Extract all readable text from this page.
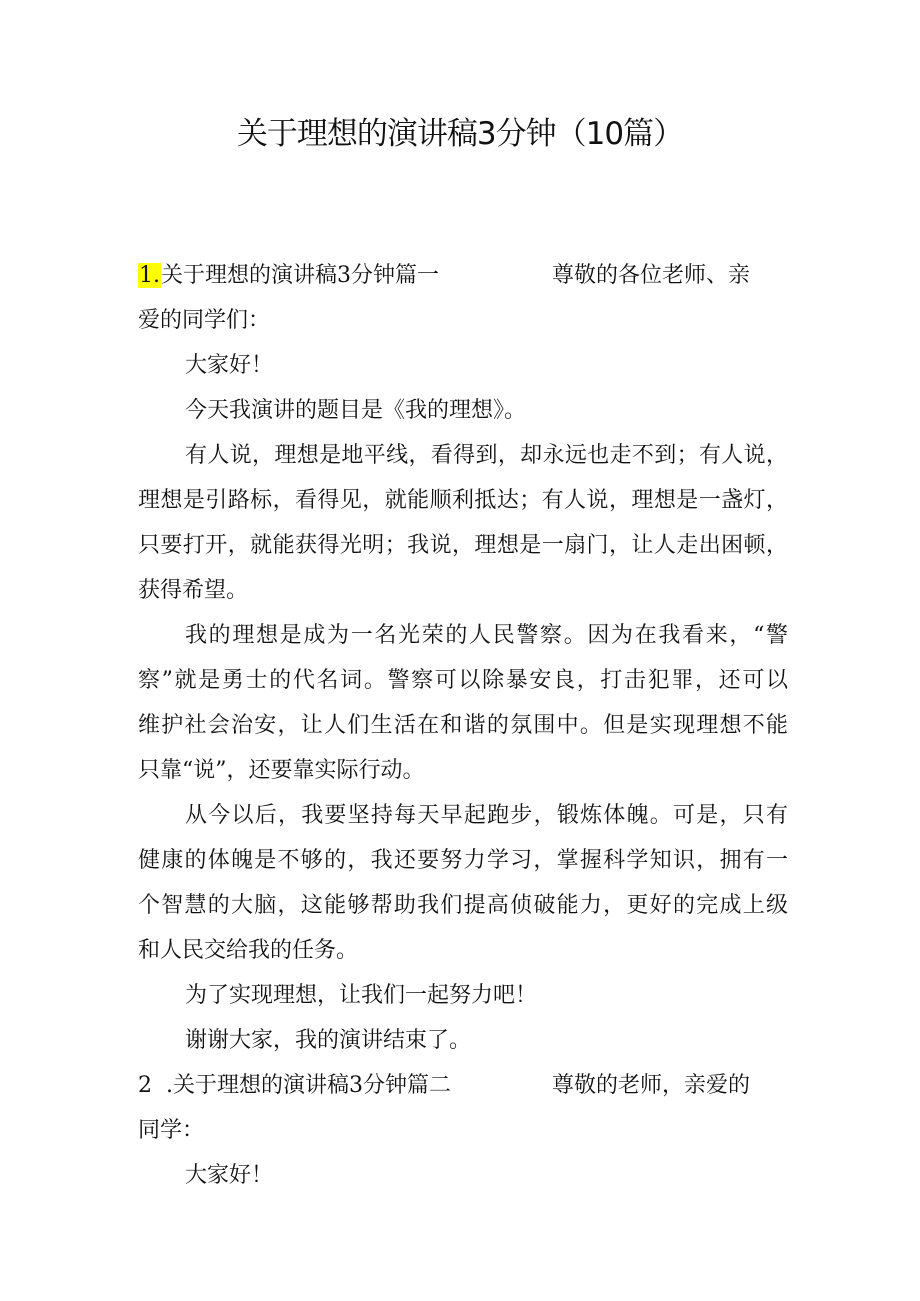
关于理想的演讲稿3分钟（10篇）
1.关于理想的演讲稿3分钟篇一	尊敬的各位老师、亲
爱的同学们：
大家好！
今天我演讲的题目是《我的理想》。
有人说，理想是地平线，看得到，却永远也走不到；有人说，
理想是引路标，看得见，就能顺利抵达；有人说，理想是一盏灯，
只要打开，就能获得光明；我说，理想是一扇门，让人走出困顿，
获得希望。
我的理想是成为一名光荣的人民警察。因为在我看来，“警
察”就是勇士的代名词。警察可以除暴安良，打击犯罪，还可以
维护社会治安，让人们生活在和谐的氛围中。但是实现理想不能
只靠“说”，还要靠实际行动。
从今以后，我要坚持每天早起跑步，锻炼体魄。可是，只有
健康的体魄是不够的，我还要努力学习，掌握科学知识，拥有一
个智慧的大脑，这能够帮助我们提高侦破能力，更好的完成上级
和人民交给我的任务。
为了实现理想，让我们一起努力吧！
谢谢大家，我的演讲结束了。
2 .关于理想的演讲稿3分钟篇二	尊敬的老师，亲爱的
同学：
大家好！
